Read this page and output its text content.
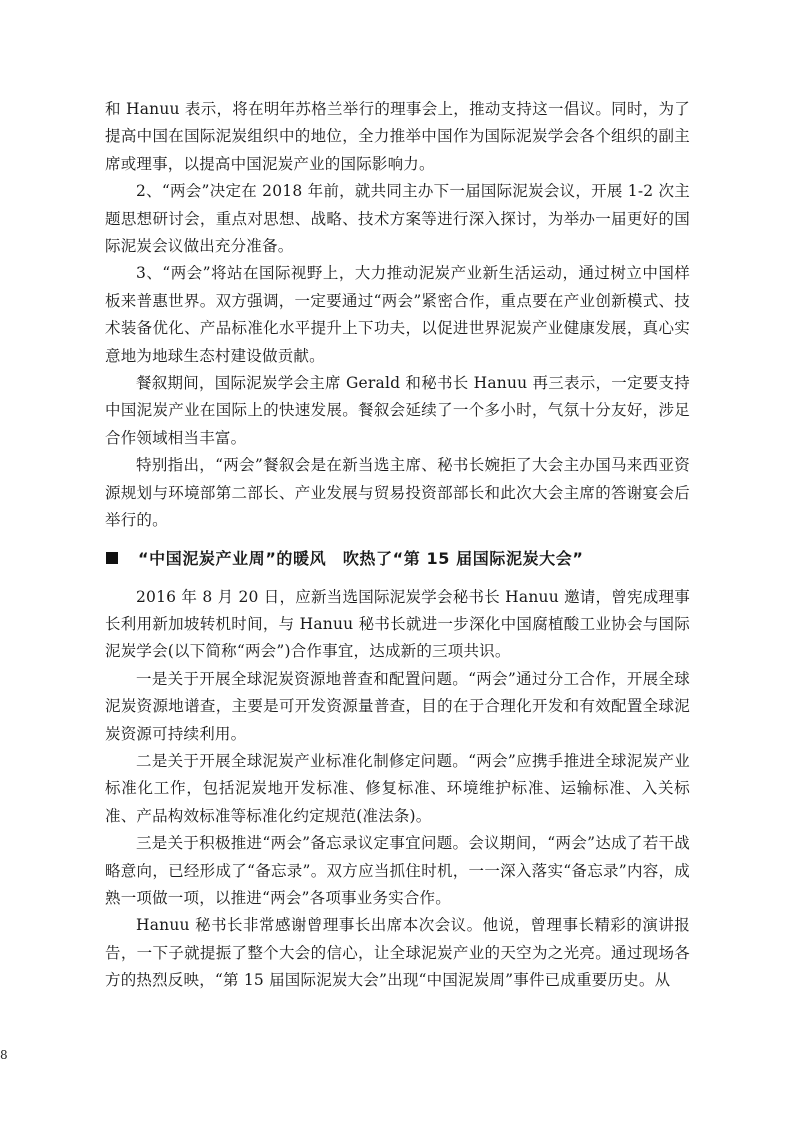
和 Hanuu 表示，将在明年苏格兰举行的理事会上，推动支持这一倡议。同时，为了提高中国在国际泥炭组织中的地位，全力推举中国作为国际泥炭学会各个组织的副主席或理事，以提高中国泥炭产业的国际影响力。

2、“两会”决定在 2018 年前，就共同主办下一届国际泥炭会议，开展 1-2 次主题思想研讨会，重点对思想、战略、技术方案等进行深入探讨，为举办一届更好的国际泥炭会议做出充分准备。

3、“两会”将站在国际视野上，大力推动泥炭产业新生活运动，通过树立中国样板来普惠世界。双方强调，一定要通过“两会”紧密合作，重点要在产业创新模式、技术装备优化、产品标准化水平提升上下功夫，以促进世界泥炭产业健康发展，真心实意地为地球生态村建设做贡献。

餐叙期间，国际泥炭学会主席 Gerald 和秘书长 Hanuu 再三表示，一定要支持中国泥炭产业在国际上的快速发展。餐叙会延续了一个多小时，气氛十分友好，涉足合作领域相当丰富。

特别指出，“两会”餐叙会是在新当选主席、秘书长婉拒了大会主办国马来西亚资源规划与环境部第二部长、产业发展与贸易投资部部长和此次大会主席的答谢宴会后举行的。

“中国泥炭产业周”的暖风　吹热了“第 15 届国际泥炭大会”

2016 年 8 月 20 日，应新当选国际泥炭学会秘书长 Hanuu 邀请，曾宪成理事长利用新加坡转机时间，与 Hanuu 秘书长就进一步深化中国腐植酸工业协会与国际泥炭学会(以下简称“两会”)合作事宜，达成新的三项共识。

一是关于开展全球泥炭资源地普查和配置问题。“两会”通过分工合作，开展全球泥炭资源地谱查，主要是可开发资源量普查，目的在于合理化开发和有效配置全球泥炭资源可持续利用。

二是关于开展全球泥炭产业标准化制修定问题。“两会”应携手推进全球泥炭产业标准化工作，包括泥炭地开发标准、修复标准、环境维护标准、运输标准、入关标准、产品构效标准等标准化约定规范(准法条)。

三是关于积极推进“两会”备忘录议定事宜问题。会议期间，“两会”达成了若干战略意向，已经形成了“备忘录”。双方应当抓住时机，一一深入落实“备忘录”内容，成熟一项做一项，以推进“两会”各项事业务实合作。

Hanuu 秘书长非常感谢曾理事长出席本次会议。他说，曾理事长精彩的演讲报告，一下子就提振了整个大会的信心，让全球泥炭产业的天空为之光亮。通过现场各方的热烈反映，“第 15 届国际泥炭大会”出现“中国泥炭周”事件已成重要历史。从

8
